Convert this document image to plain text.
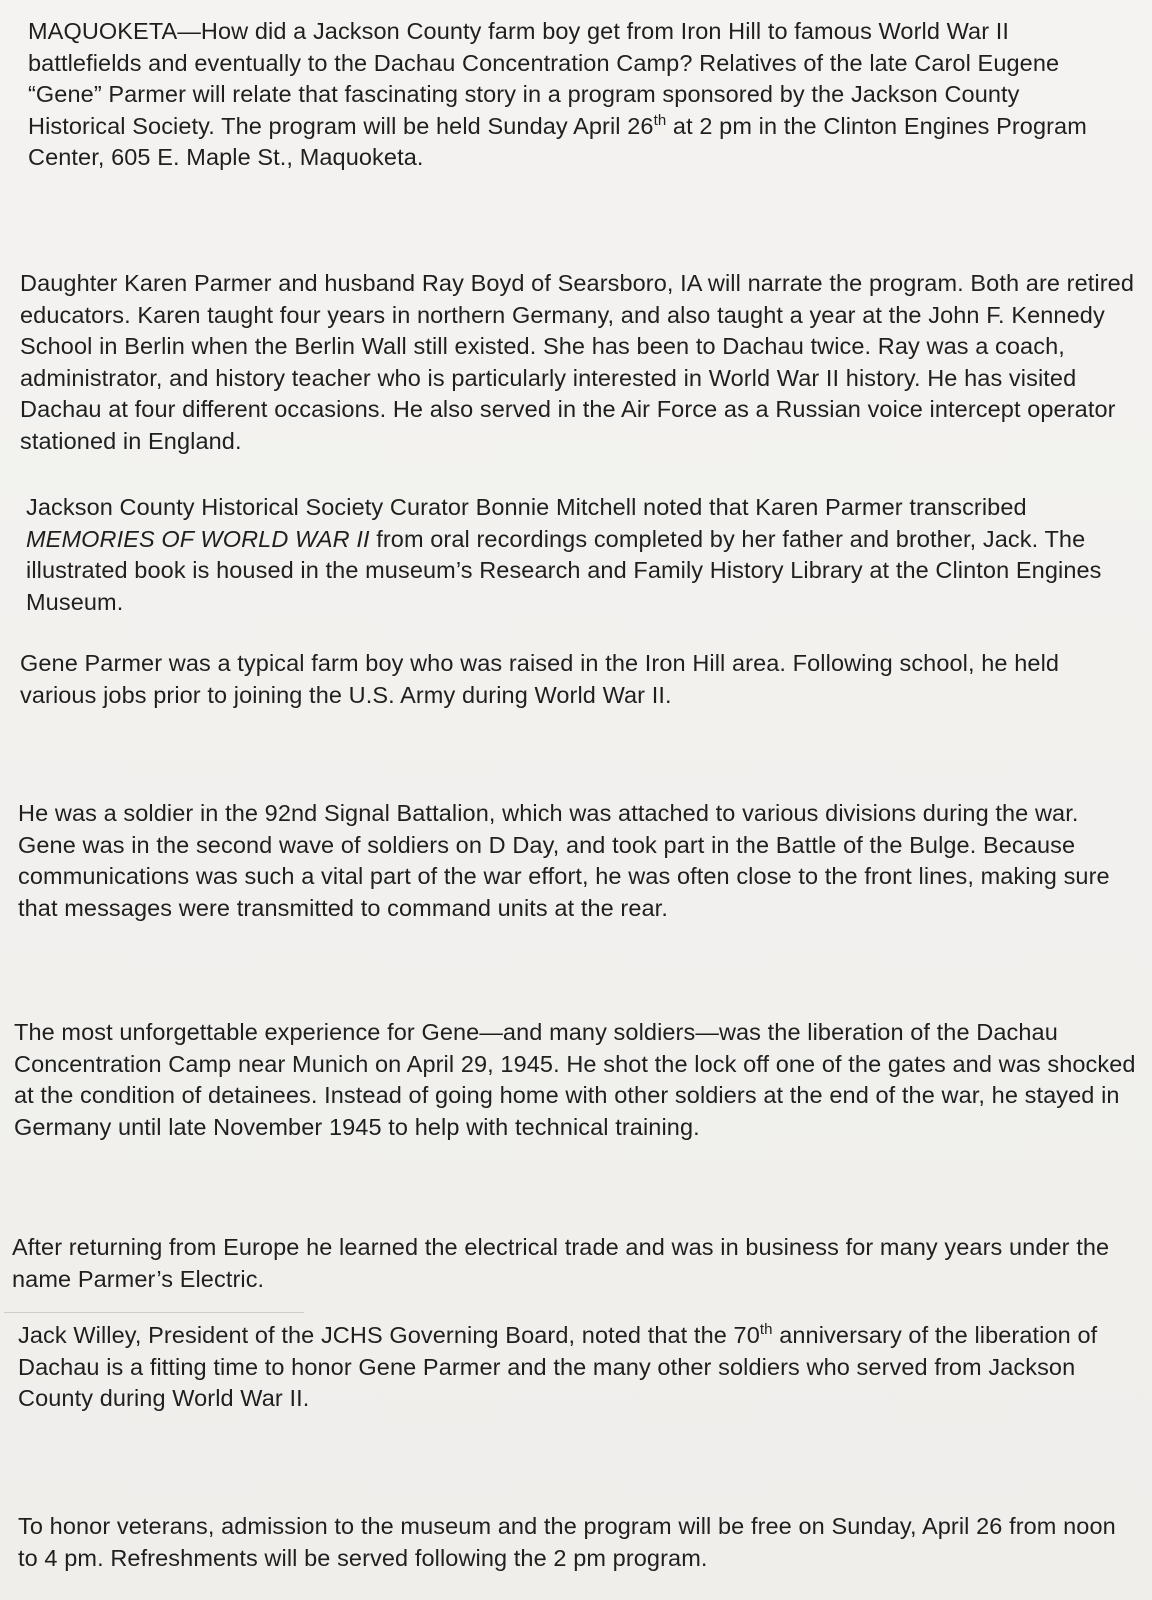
MAQUOKETA—How did a Jackson County farm boy get from Iron Hill to famous World War II battlefields and eventually to the Dachau Concentration Camp? Relatives of the late Carol Eugene “Gene” Parmer will relate that fascinating story in a program sponsored by the Jackson County Historical Society. The program will be held Sunday April 26th at 2 pm in the Clinton Engines Program Center, 605 E. Maple St., Maquoketa.

Daughter Karen Parmer and husband Ray Boyd of Searsboro, IA will narrate the program. Both are retired educators. Karen taught four years in northern Germany, and also taught a year at the John F. Kennedy School in Berlin when the Berlin Wall still existed. She has been to Dachau twice. Ray was a coach, administrator, and history teacher who is particularly interested in World War II history. He has visited Dachau at four different occasions. He also served in the Air Force as a Russian voice intercept operator stationed in England.

Jackson County Historical Society Curator Bonnie Mitchell noted that Karen Parmer transcribed MEMORIES OF WORLD WAR II from oral recordings completed by her father and brother, Jack. The illustrated book is housed in the museum’s Research and Family History Library at the Clinton Engines Museum.

Gene Parmer was a typical farm boy who was raised in the Iron Hill area. Following school, he held various jobs prior to joining the U.S. Army during World War II.

He was a soldier in the 92nd Signal Battalion, which was attached to various divisions during the war. Gene was in the second wave of soldiers on D Day, and took part in the Battle of the Bulge. Because communications was such a vital part of the war effort, he was often close to the front lines, making sure that messages were transmitted to command units at the rear.

The most unforgettable experience for Gene—and many soldiers—was the liberation of the Dachau Concentration Camp near Munich on April 29, 1945. He shot the lock off one of the gates and was shocked at the condition of detainees. Instead of going home with other soldiers at the end of the war, he stayed in Germany until late November 1945 to help with technical training.

After returning from Europe he learned the electrical trade and was in business for many years under the name Parmer’s Electric.

Jack Willey, President of the JCHS Governing Board, noted that the 70th anniversary of the liberation of Dachau is a fitting time to honor Gene Parmer and the many other soldiers who served from Jackson County during World War II.

To honor veterans, admission to the museum and the program will be free on Sunday, April 26 from noon to 4 pm. Refreshments will be served following the 2 pm program.
